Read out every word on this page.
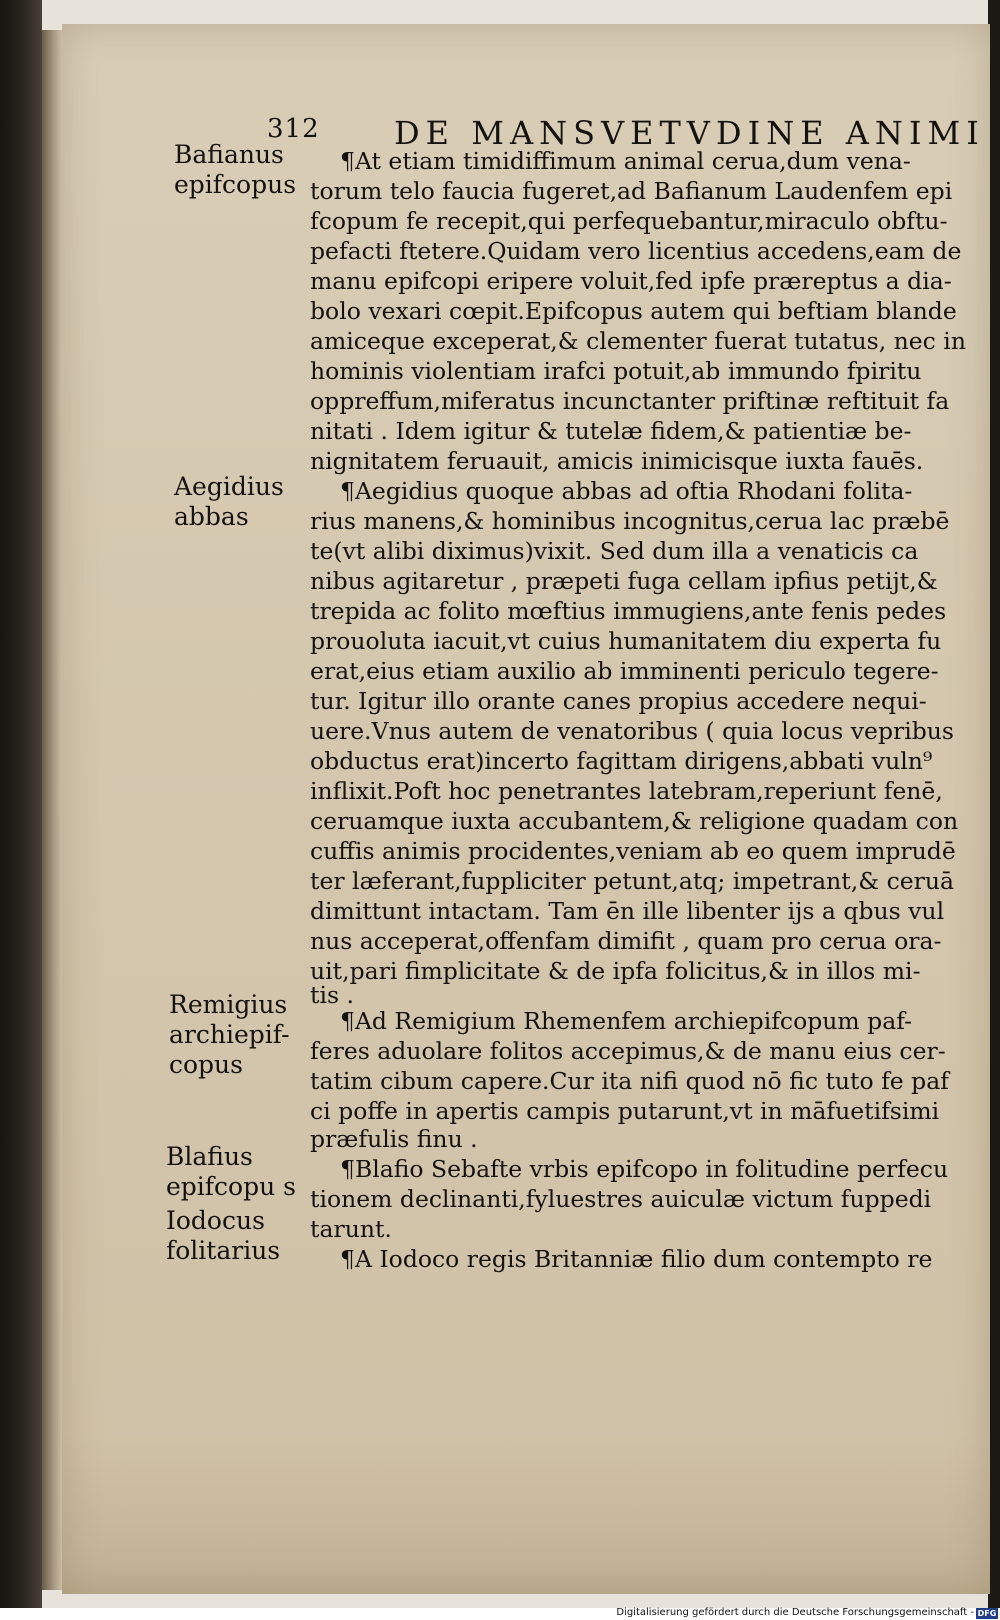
312 DE MANSVETVDINE ANIMI
Bafianus
epifcopus
Aegidius
abbas
Remigius
archiepif-
copus
Blafius
epifcopu s
Iodocus
folitarius
¶At etiam timidiffimum animal cerua,dum vena-
torum telo faucia fugeret,ad Bafianum Laudenfem epi
fcopum fe recepit,qui perfequebantur,miraculo obftu-
pefacti ftetere.Quidam vero licentius accedens,eam de
manu epifcopi eripere voluit,fed ipfe præreptus a dia-
bolo vexari cœpit.Epifcopus autem qui beftiam blande
amiceque exceperat,& clementer fuerat tutatus, nec in
hominis violentiam irafci potuit,ab immundo fpiritu
oppreffum,miferatus incunctanter priftinæ reftituit fa
nitati . Idem igitur & tutelæ fidem,& patientiæ be-
nignitatem feruauit, amicis inimicisque iuxta fauēs.
¶Aegidius quoque abbas ad oftia Rhodani folita-
rius manens,& hominibus incognitus,cerua lac præbē
te(vt alibi diximus)vixit. Sed dum illa a venaticis ca
nibus agitaretur , præpeti fuga cellam ipfius petijt,&
trepida ac folito mœftius immugiens,ante fenis pedes
prouoluta iacuit,vt cuius humanitatem diu experta fu
erat,eius etiam auxilio ab imminenti periculo tegere-
tur. Igitur illo orante canes propius accedere nequi-
uere.Vnus autem de venatoribus ( quia locus vepribus
obductus erat)incerto fagittam dirigens,abbati vuln⁹
inflixit.Poft hoc penetrantes latebram,reperiunt fenē,
ceruamque iuxta accubantem,& religione quadam con
cuffis animis procidentes,veniam ab eo quem imprudē
ter læferant,fuppliciter petunt,atq; impetrant,& ceruā
dimittunt intactam. Tam ēn ille libenter ijs a qbus vul
nus acceperat,offenfam dimifit , quam pro cerua ora-
uit,pari fimplicitate & de ipfa folicitus,& in illos mi-
tis .
¶Ad Remigium Rhemenfem archiepifcopum paf-
feres aduolare folitos accepimus,& de manu eius cer-
tatim cibum capere.Cur ita nifi quod nō fic tuto fe paf
ci poffe in apertis campis putarunt,vt in māfuetifsimi
præfulis finu .
¶Blafio Sebafte vrbis epifcopo in folitudine perfecu
tionem declinanti,fyluestres auiculæ victum fuppedi
tarunt.
¶A Iodoco regis Britanniæ filio dum contempto re
Digitalisierung gefördert durch die Deutsche Forschungsgemeinschaft - DFG
